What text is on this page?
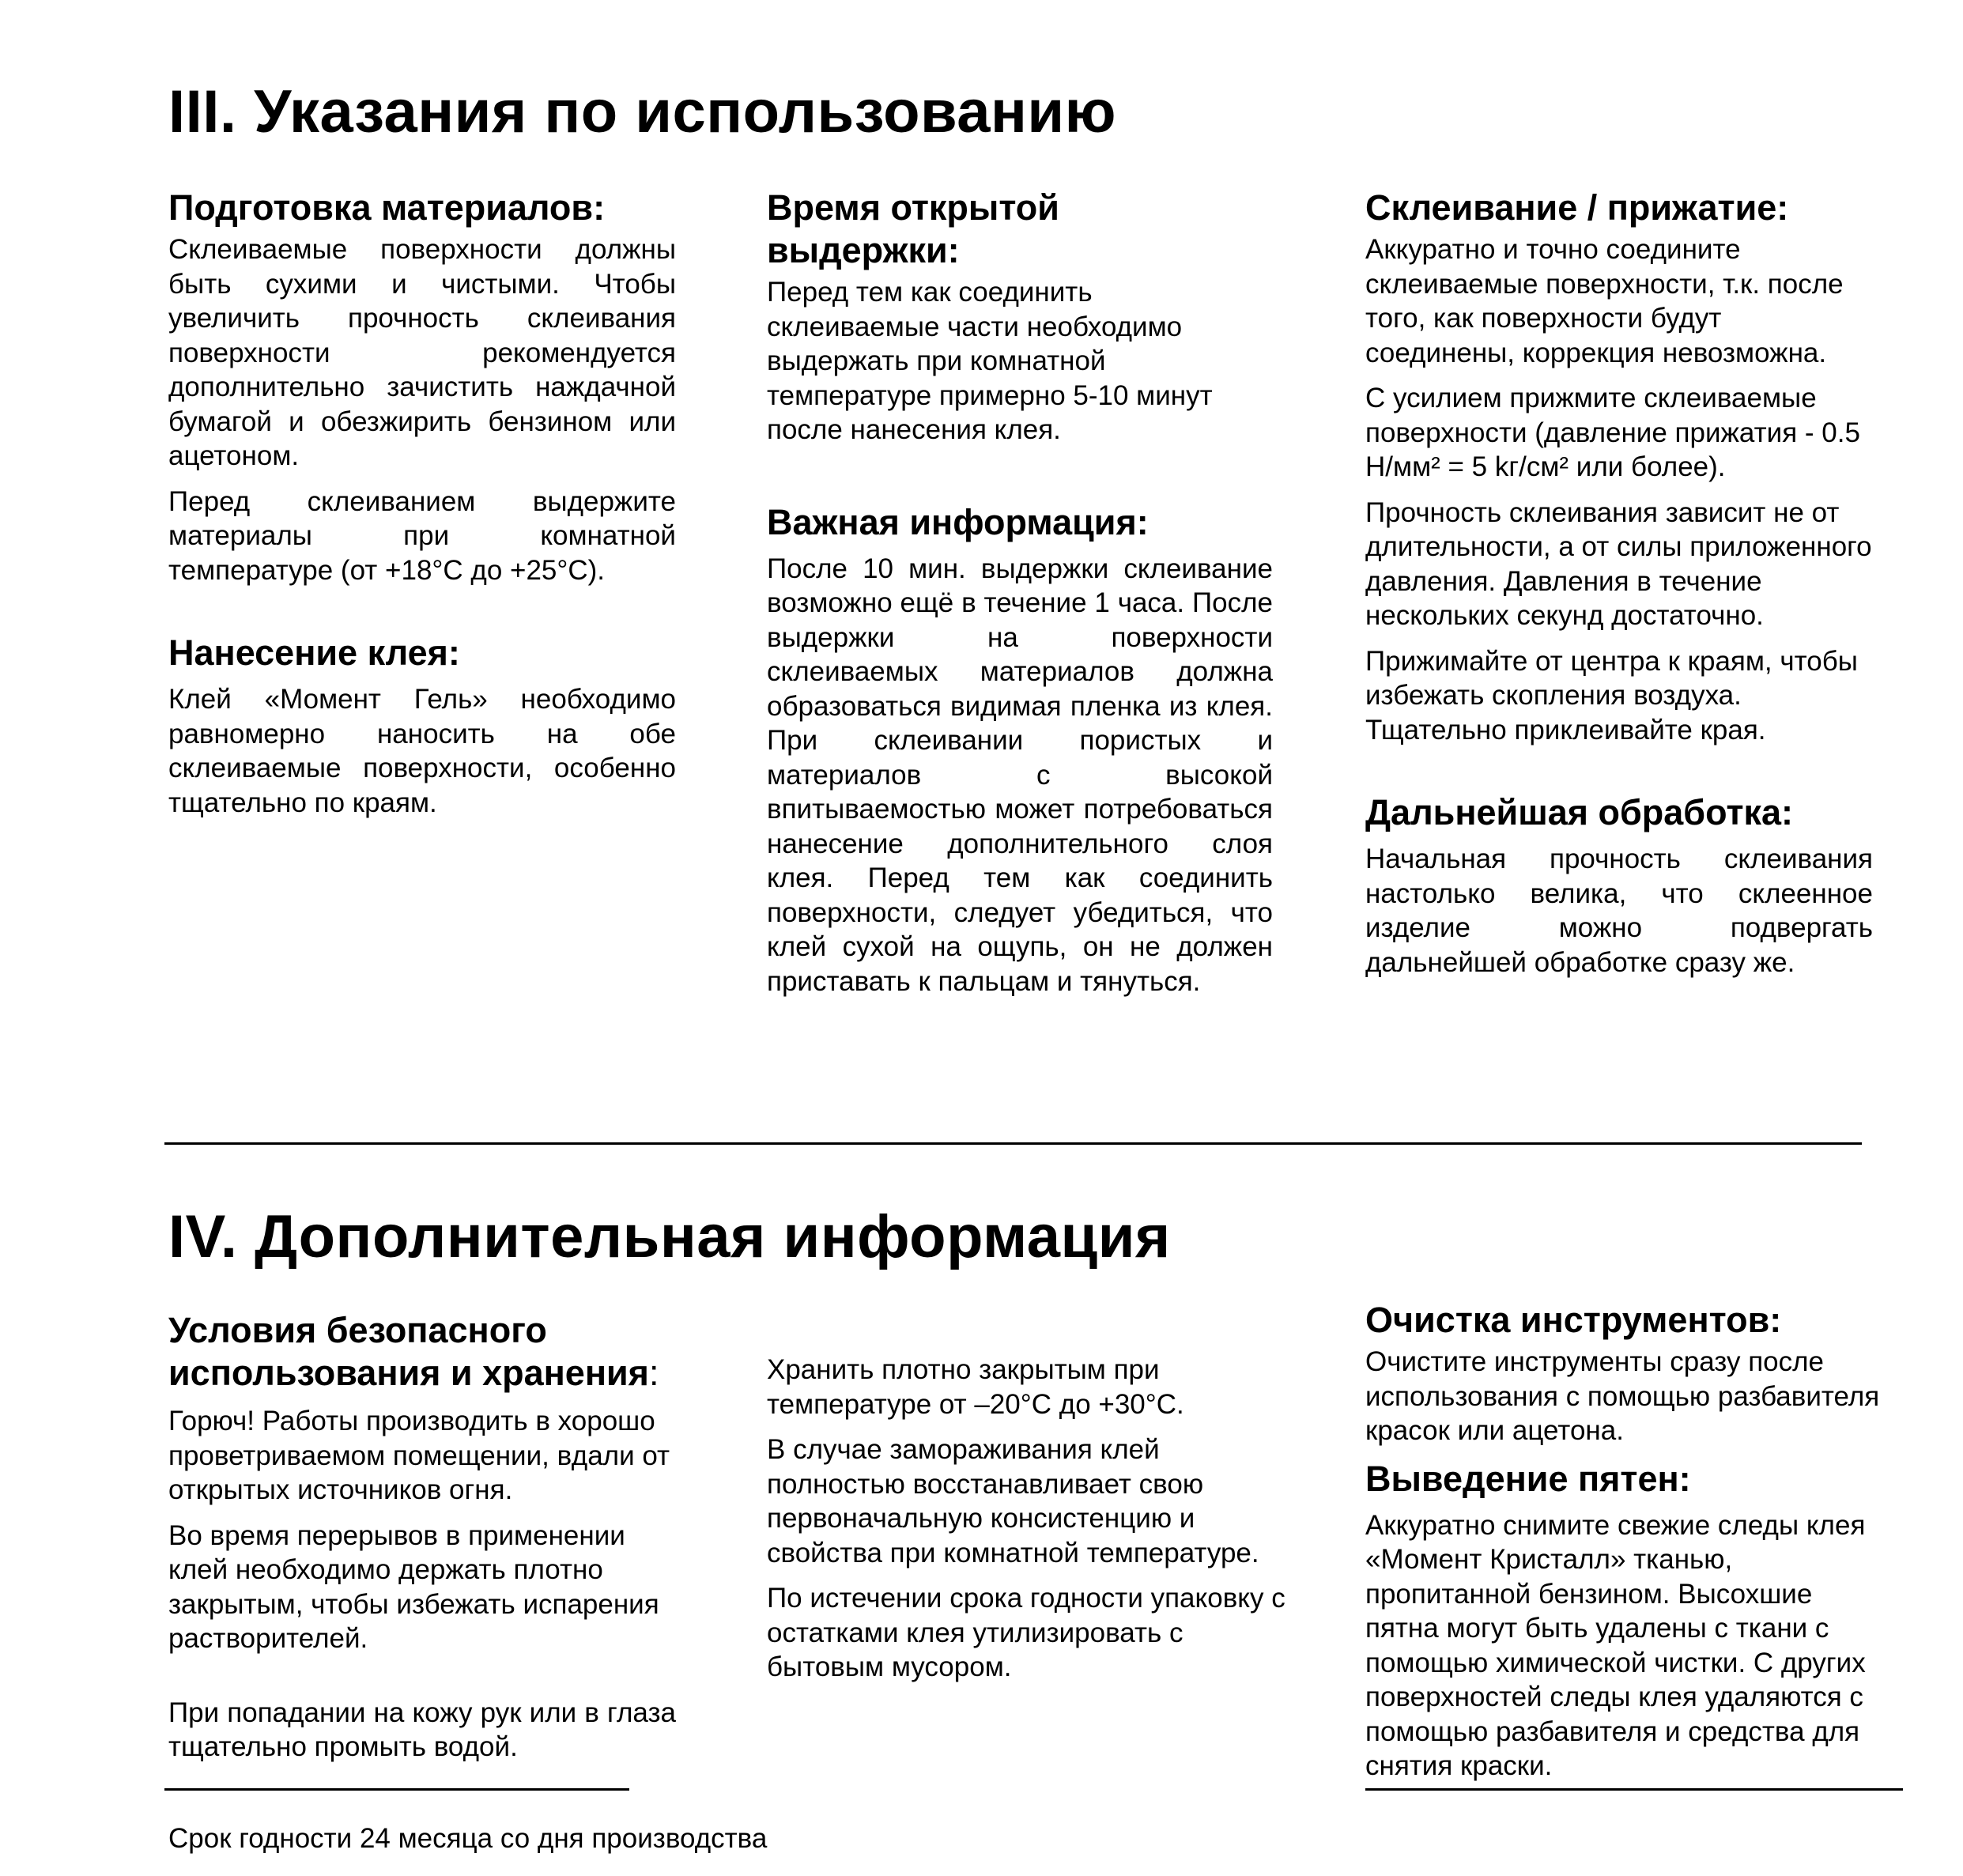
III. Указания по использованию
Подготовка материалов:

Склеиваемые поверхности должны быть сухими и чистыми. Чтобы увеличить прочность склеивания поверхности рекомендуется дополнительно зачистить наждачной бумагой и обезжирить бензином или ацетоном.

Перед склеиванием выдержите материалы при комнатной температуре (от +18°C до +25°C).

Нанесение клея:

Клей «Момент Гель» необходимо равномерно наносить на обе склеиваемые поверхности, особенно тщательно по краям.

Время открытой выдержки:

Перед тем как соединить склеиваемые части необходимо выдержать при комнатной температуре примерно 5-10 минут после нанесения клея.

Важная информация:

После 10 мин. выдержки склеивание возможно ещё в течение 1 часа. После выдержки на поверхности склеиваемых материалов должна образоваться видимая пленка из клея. При склеивании пористых и материалов с высокой впитываемостью может потребоваться нанесение дополнительного слоя клея. Перед тем как соединить поверхности, следует убедиться, что клей сухой на ощупь, он не должен приставать к пальцам и тянуться.

Склеивание / прижатие:

Аккуратно и точно соедините склеиваемые поверхности, т.к. после того, как поверхности будут соединены, коррекция невозможна.

С усилием прижмите склеиваемые поверхности (давление прижатия - 0.5 Н/мм² = 5 kг/см² или более).

Прочность склеивания зависит не от длительности, а от силы приложенного давления. Давления в течение нескольких секунд достаточно.

Прижимайте от центра к краям, чтобы избежать скопления воздуха. Тщательно приклеивайте края.

Дальнейшая обработка:

Начальная прочность склеивания настолько велика, что склеенное изделие можно подвергать дальнейшей обработке сразу же.

IV. Дополнительная информация
Условия безопасного использования и хранения:

Горюч! Работы производить в хорошо проветриваемом помещении, вдали от открытых источников огня.

Во время перерывов в применении клей необходимо держать плотно закрытым, чтобы избежать испарения растворителей.

При попадании на кожу рук или в глаза тщательно промыть водой.

Хранить плотно закрытым при температуре от –20°C до +30°C.

В случае замораживания клей полностью восстанавливает свою первоначальную консистенцию и свойства при комнатной температуре.

По истечении срока годности упаковку с остатками клея утилизировать с бытовым мусором.

Очистка инструментов:

Очистите инструменты сразу после использования с помощью разбавителя красок или ацетона.

Выведение пятен:

Аккуратно снимите свежие следы клея «Момент Кристалл» тканью, пропитанной бензином. Высохшие пятна могут быть удалены с ткани с помощью химической чистки. С других поверхностей следы клея удаляются с помощью разбавителя и средства для снятия краски.

Срок годности 24 месяца со дня производства
